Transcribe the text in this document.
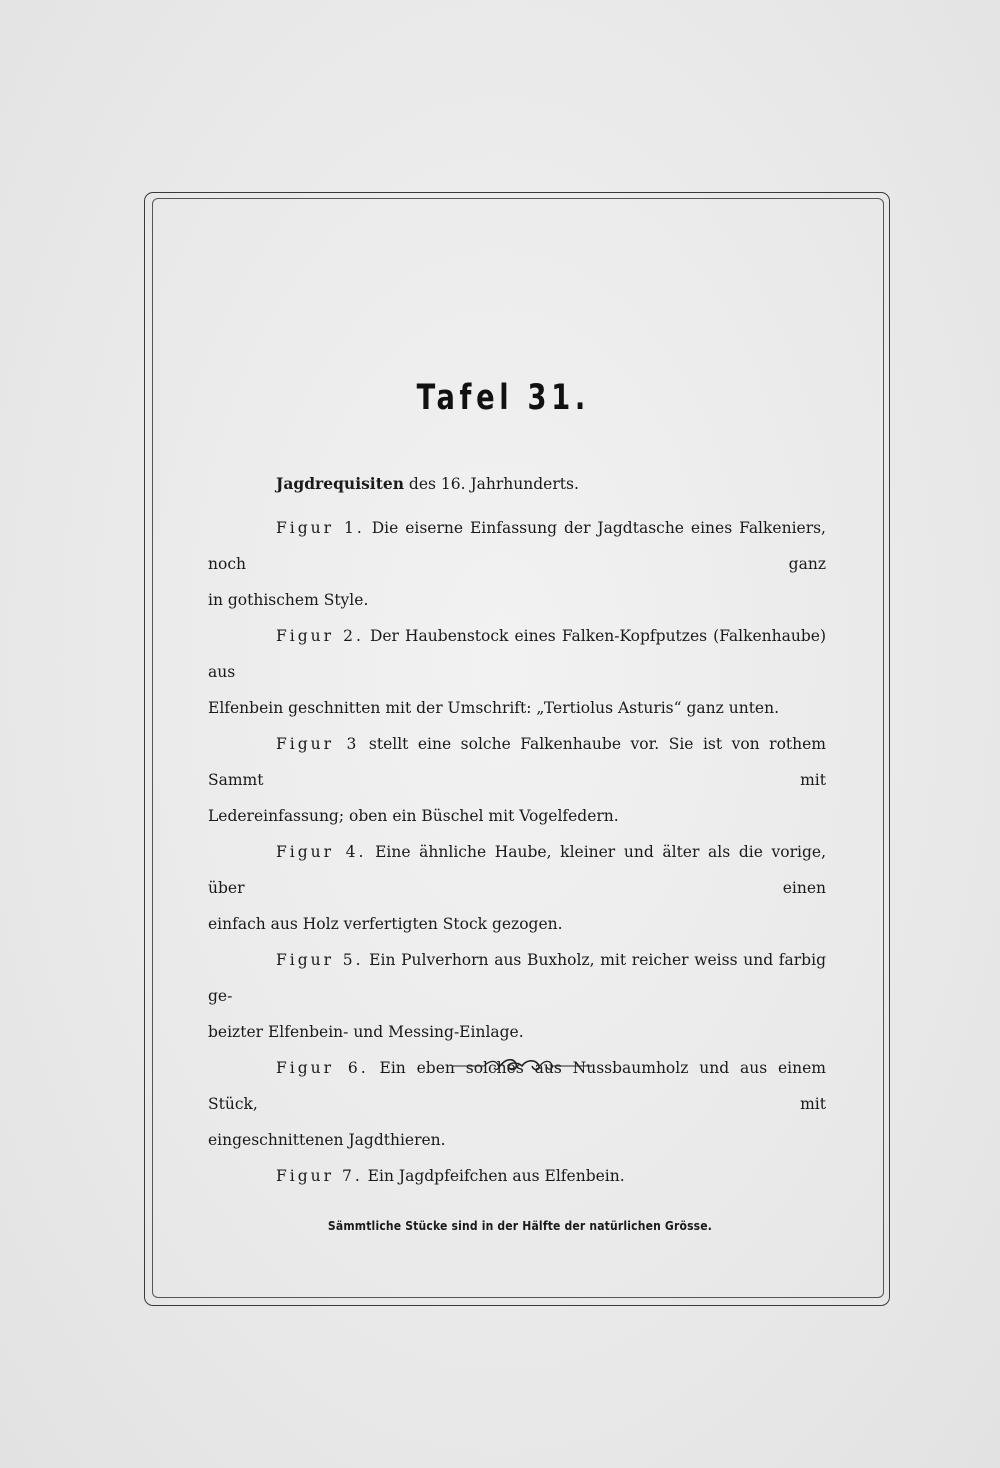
Tafel 31.
Jagdrequisiten des 16. Jahrhunderts.
Figur 1. Die eiserne Einfassung der Jagdtasche eines Falkeniers, noch ganz
in gothischem Style.
Figur 2. Der Haubenstock eines Falken-Kopfputzes (Falkenhaube) aus
Elfenbein geschnitten mit der Umschrift: „Tertiolus Asturis“ ganz unten.
Figur 3 stellt eine solche Falkenhaube vor. Sie ist von rothem Sammt mit
Ledereinfassung; oben ein Büschel mit Vogelfedern.
Figur 4. Eine ähnliche Haube, kleiner und älter als die vorige, über einen
einfach aus Holz verfertigten Stock gezogen.
Figur 5. Ein Pulverhorn aus Buxholz, mit reicher weiss und farbig ge-
beizter Elfenbein- und Messing-Einlage.
Figur 6. Ein eben solches aus Nussbaumholz und aus einem Stück, mit
eingeschnittenen Jagdthieren.
Figur 7. Ein Jagdpfeifchen aus Elfenbein.
Sämmtliche Stücke sind in der Hälfte der natürlichen Grösse.
